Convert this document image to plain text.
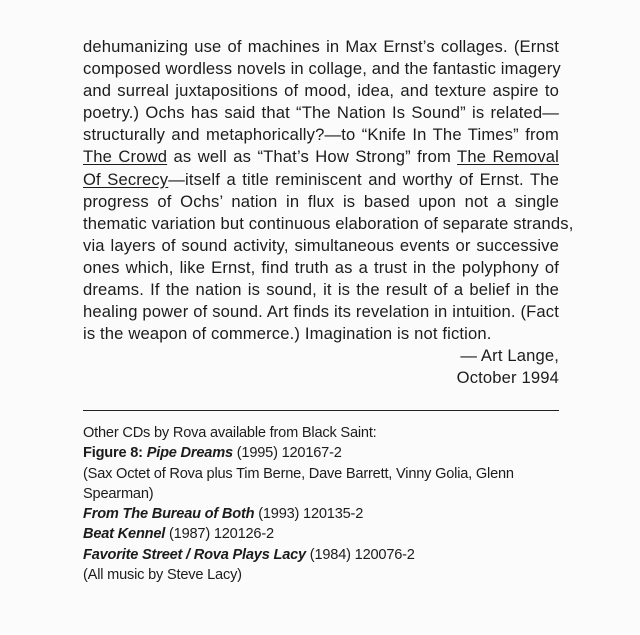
dehumanizing use of machines in Max Ernst’s collages. (Ernst
composed wordless novels in collage, and the fantastic imagery
and surreal juxtapositions of mood, idea, and texture aspire to
poetry.) Ochs has said that “The Nation Is Sound” is related—
structurally and metaphorically?—to “Knife In The Times” from
The Crowd as well as “That’s How Strong” from The Removal
Of Secrecy—itself a title reminiscent and worthy of Ernst. The
progress of Ochs’ nation in flux is based upon not a single
thematic variation but continuous elaboration of separate strands,
via layers of sound activity, simultaneous events or successive
ones which, like Ernst, find truth as a trust in the polyphony of
dreams. If the nation is sound, it is the result of a belief in the
healing power of sound. Art finds its revelation in intuition. (Fact
is the weapon of commerce.) Imagination is not fiction.
— Art Lange,
October 1994
Other CDs by Rova available from Black Saint:
Figure 8: Pipe Dreams (1995) 120167-2
(Sax Octet of Rova plus Tim Berne, Dave Barrett, Vinny Golia, Glenn
Spearman)
From The Bureau of Both (1993) 120135-2
Beat Kennel (1987) 120126-2
Favorite Street / Rova Plays Lacy (1984) 120076-2
(All music by Steve Lacy)
